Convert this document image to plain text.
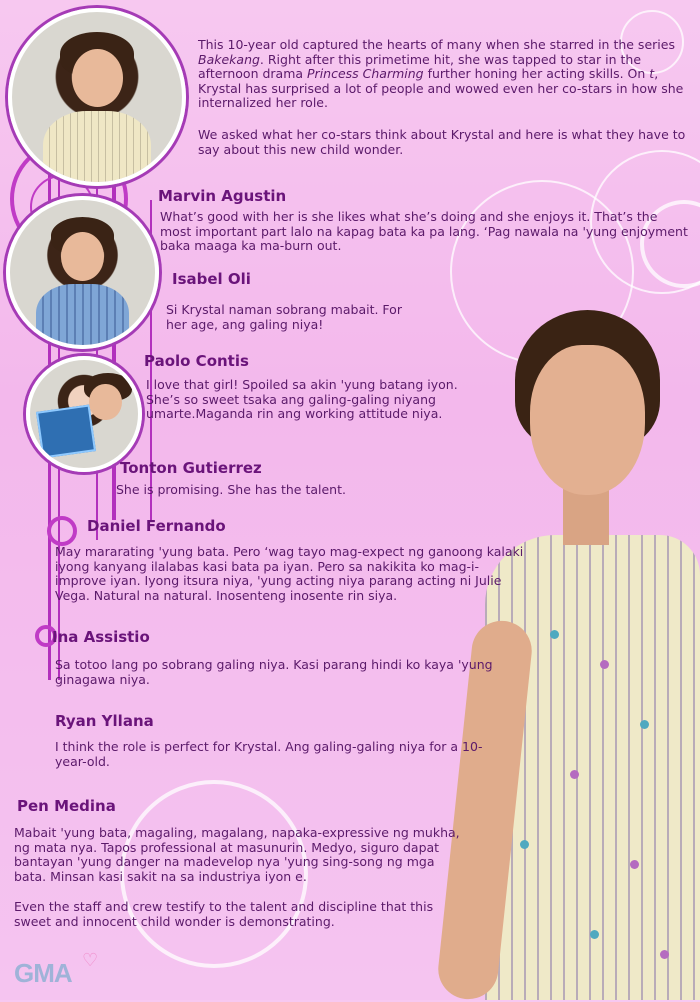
This 10-year old captured the hearts of many when she starred in the series Bakekang. Right after this primetime hit, she was tapped to star in the afternoon drama Princess Charming further honing her acting skills. On t, Krystal has surprised a lot of people and wowed even her co-stars in how she internalized her role.

We asked what her co-stars think about Krystal and here is what they have to say about this new child wonder.

Marvin Agustin

What’s good with her is she likes what she’s doing and she enjoys it. That’s the most important part lalo na kapag bata ka pa lang. ‘Pag nawala na 'yung enjoyment baka maaga ka ma-burn out.

Isabel Oli

Si Krystal naman sobrang mabait. For her age, ang galing niya!

Paolo Contis

I love that girl! Spoiled sa akin 'yung batang iyon. She’s so sweet tsaka ang galing-galing niyang umarte.Maganda rin ang working attitude niya.

Tonton Gutierrez

She is promising. She has the talent.

Daniel Fernando

May mararating 'yung bata. Pero ‘wag tayo mag-expect ng ganoong kalaki iyong kanyang ilalabas kasi bata pa iyan. Pero sa nakikita ko mag-i-improve iyan. Iyong itsura niya, 'yung acting niya parang acting ni Julie Vega. Natural na natural. Inosenteng inosente rin siya.

Ina Assistio

Sa totoo lang po sobrang galing niya. Kasi parang hindi ko kaya 'yung ginagawa niya.

Ryan Yllana

I think the role is perfect for Krystal. Ang galing-galing niya for a 10-year-old.

Pen Medina

Mabait 'yung bata, magaling, magalang, napaka-expressive ng mukha, ng mata nya. Tapos professional at masunurin. Medyo, siguro dapat bantayan 'yung danger na madevelop nya 'yung sing-song ng mga bata. Minsan kasi sakit na sa industriya iyon e.

Even the staff and crew testify to the talent and discipline that this sweet and innocent child wonder is demonstrating.

GMA ♡
